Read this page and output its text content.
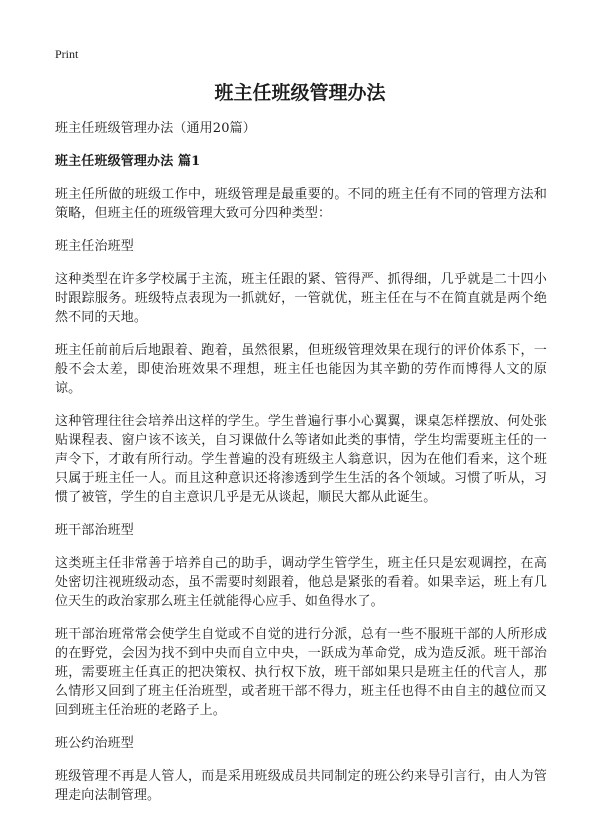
Print
班主任班级管理办法

班主任班级管理办法（通用20篇）

班主任班级管理办法 篇1

班主任所做的班级工作中，班级管理是最重要的。不同的班主任有不同的管理方法和策略，但班主任的班级管理大致可分四种类型：

班主任治班型

这种类型在许多学校属于主流，班主任跟的紧、管得严、抓得细，几乎就是二十四小时跟踪服务。班级特点表现为一抓就好，一管就优，班主任在与不在简直就是两个绝然不同的天地。

班主任前前后后地跟着、跑着，虽然很累，但班级管理效果在现行的评价体系下，一般不会太差，即使治班效果不理想，班主任也能因为其辛勤的劳作而博得人文的原谅。

这种管理往往会培养出这样的学生。学生普遍行事小心翼翼，课桌怎样摆放、何处张贴课程表、窗户该不该关，自习课做什么等诸如此类的事情，学生均需要班主任的一声令下，才敢有所行动。学生普遍的没有班级主人翁意识，因为在他们看来，这个班只属于班主任一人。而且这种意识还将渗透到学生生活的各个领域。习惯了听从，习惯了被管，学生的自主意识几乎是无从谈起，顺民大都从此诞生。

班干部治班型

这类班主任非常善于培养自己的助手，调动学生管学生，班主任只是宏观调控，在高处密切注视班级动态，虽不需要时刻跟着，他总是紧张的看着。如果幸运，班上有几位天生的政治家那么班主任就能得心应手、如鱼得水了。

班干部治班常常会使学生自觉或不自觉的进行分派，总有一些不服班干部的人所形成的在野党，会因为找不到中央而自立中央，一跃成为革命党，成为造反派。班干部治班，需要班主任真正的把决策权、执行权下放，班干部如果只是班主任的代言人，那么情形又回到了班主任治班型，或者班干部不得力，班主任也得不由自主的越位而又回到班主任治班的老路子上。

班公约治班型

班级管理不再是人管人，而是采用班级成员共同制定的班公约来导引言行，由人为管理走向法制管理。
